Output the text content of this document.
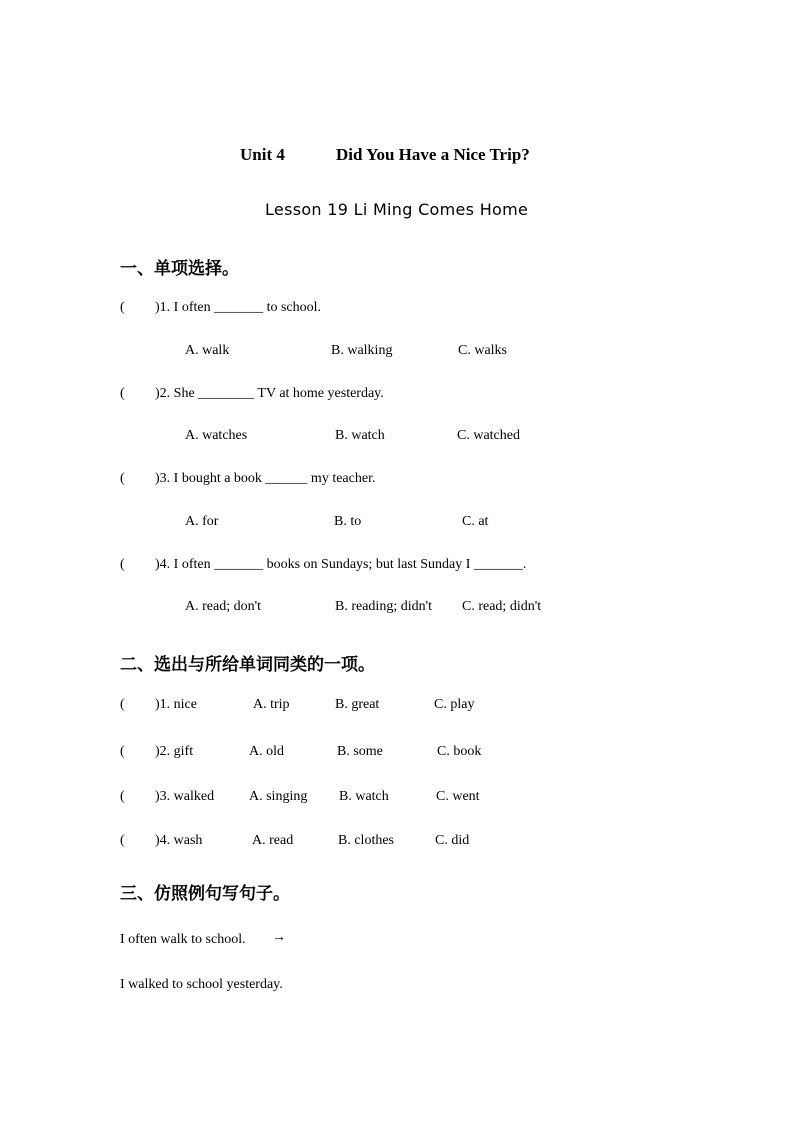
Unit 4	Did You Have a Nice Trip?
Lesson 19 Li Ming Comes Home
一、单项选择。
( )1. I often _______ to school.
A. walk	B. walking	C. walks
( )2. She ________ TV at home yesterday.
A. watches	B. watch	C. watched
( )3. I bought a book ______ my teacher.
A. for	B. to	C. at
( )4. I often _______ books on Sundays; but last Sunday I _______.
A. read; don't	B. reading; didn't C. read; didn't
二、选出与所给单词同类的一项。
( )1. nice	A. trip	B. great	C. play
( )2. gift	A. old	B. some	C. book
( )3. walked A. singing B. watch	C. went
( )4. wash	A. read	B. clothes	C. did
三、仿照例句写句子。
I often walk to school. →
I walked to school yesterday.
